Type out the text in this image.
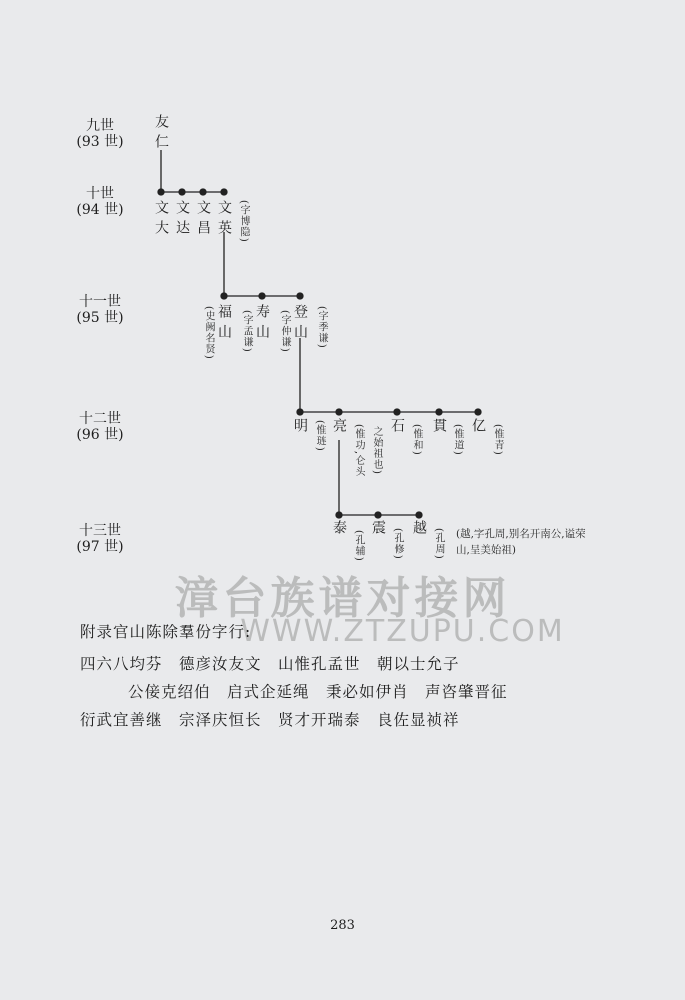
九世
(93 世)
十世
(94 世)
十一世
(95 世)
十二世
(96 世)
十三世
(97 世)
友仁
文大 文达 文昌 文英 (字博隐)
福山
(史阙名贤)	寿山
(字孟谦)	(字仲谦) 登山 (字季谦)
明 (惟琏) 亮 (惟功,仑头 之始祖也) 石 (惟和) 貫 (惟道) 亿 (惟青)
泰 (孔辅) 震 (孔修) 越 (孔周) (越,字孔周,别名开南公,谥荣山,呈美始祖)
漳台族谱对接网
WWW.ZTZUPU.COM
附录官山陈除羣份字行:
四六八均芬　德彦汝友文　山惟孔孟世　朝以士允子
公倿克绍伯　启式企延绳　秉必如伊肖　声咨肇晋征
衍武宜善继　宗泽庆恒长　贤才开瑞泰　良佐显祯祥
283
